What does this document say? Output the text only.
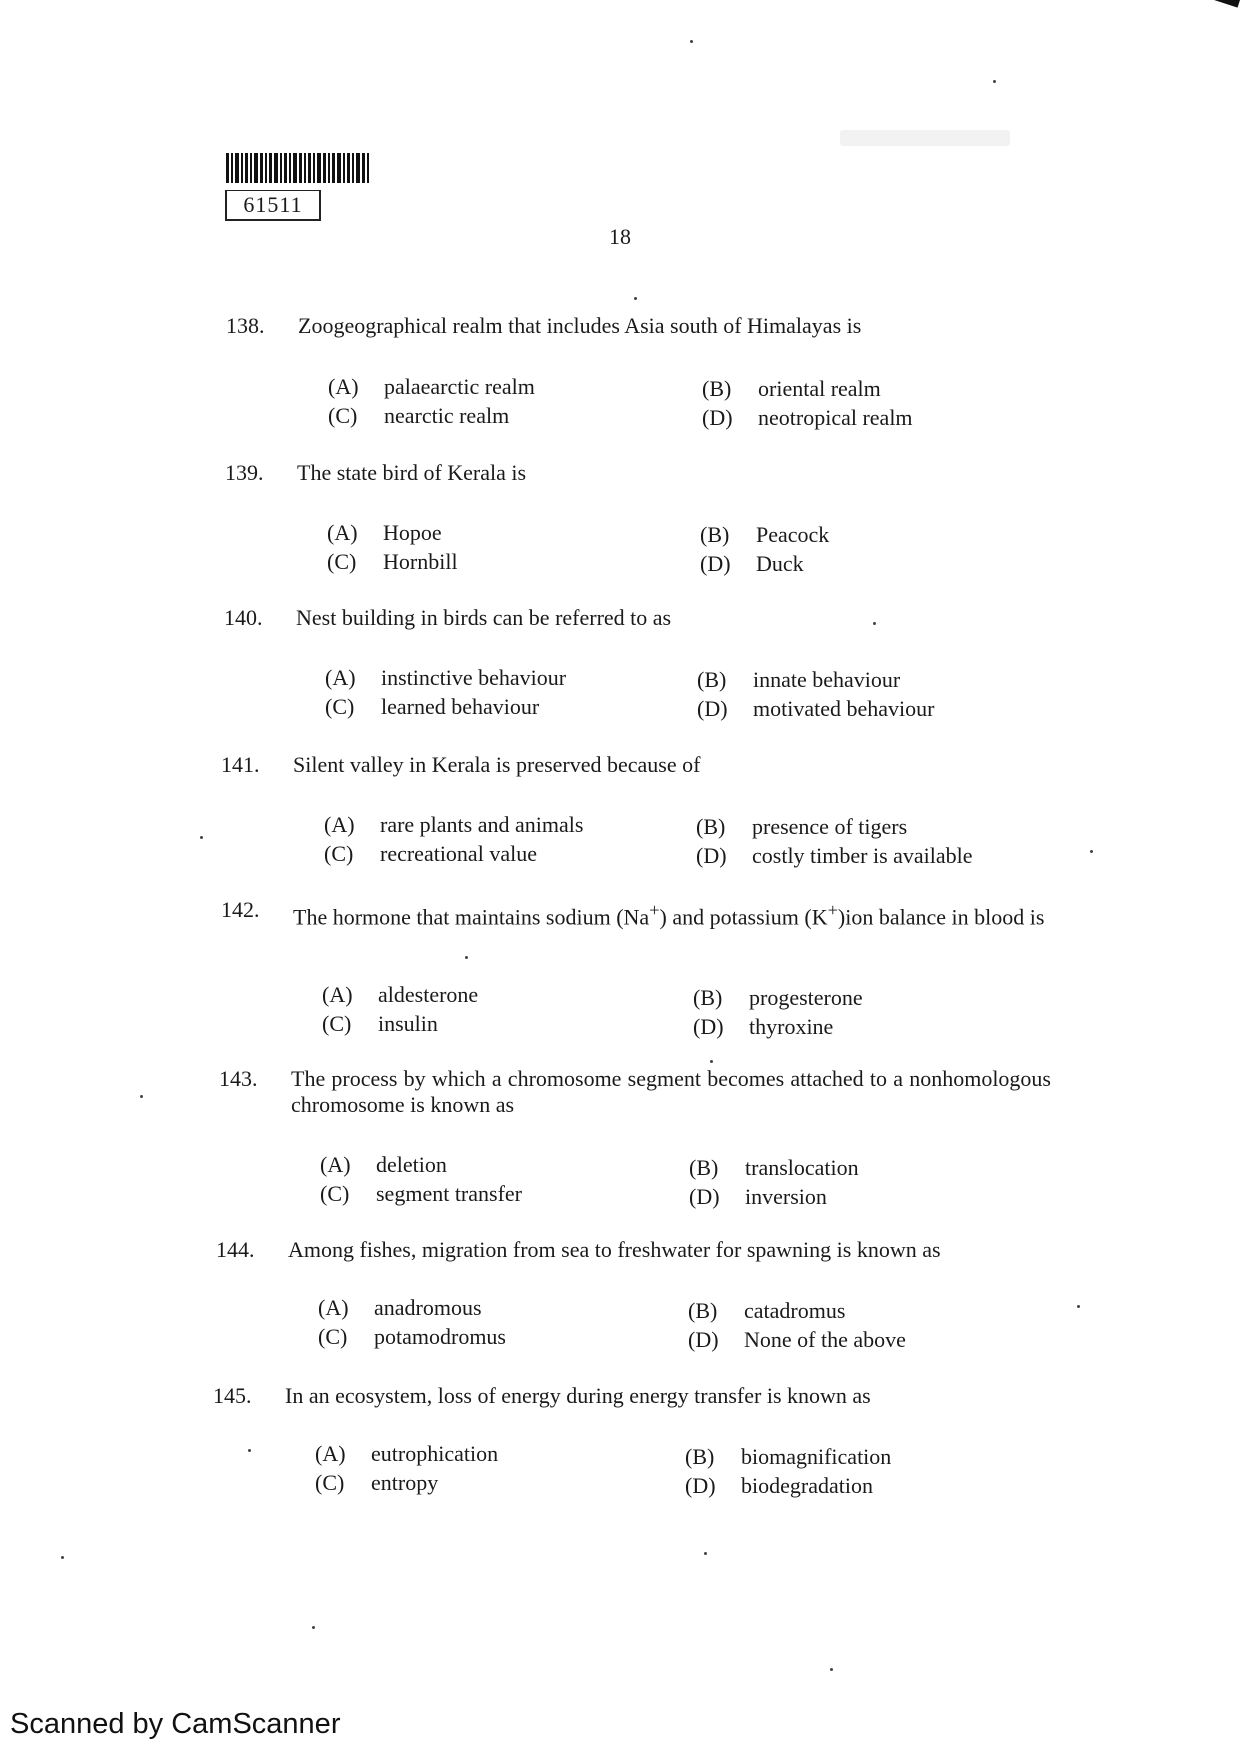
61511
18
138. Zoogeographical realm that includes Asia south of Himalayas is
(A) palaearctic realm	(B) oriental realm
(C) nearctic realm	(D) neotropical realm
139. The state bird of Kerala is
(A) Hopoe	(B) Peacock
(C) Hornbill	(D) Duck
140. Nest building in birds can be referred to as
(A) instinctive behaviour	(B) innate behaviour
(C) learned behaviour	(D) motivated behaviour
141. Silent valley in Kerala is preserved because of
(A) rare plants and animals	(B) presence of tigers
(C) recreational value	(D) costly timber is available
142. The hormone that maintains sodium (Na+) and potassium (K+)ion balance in blood is
(A) aldesterone	(B) progesterone
(C) insulin	(D) thyroxine
143. The process by which a chromosome segment becomes attached to a nonhomologous chromosome is known as
(A) deletion	(B) translocation
(C) segment transfer	(D) inversion
144. Among fishes, migration from sea to freshwater for spawning is known as
(A) anadromous	(B) catadromus
(C) potamodromus	(D) None of the above
145. In an ecosystem, loss of energy during energy transfer is known as
(A) eutrophication	(B) biomagnification
(C) entropy	(D) biodegradation
Scanned by CamScanner
